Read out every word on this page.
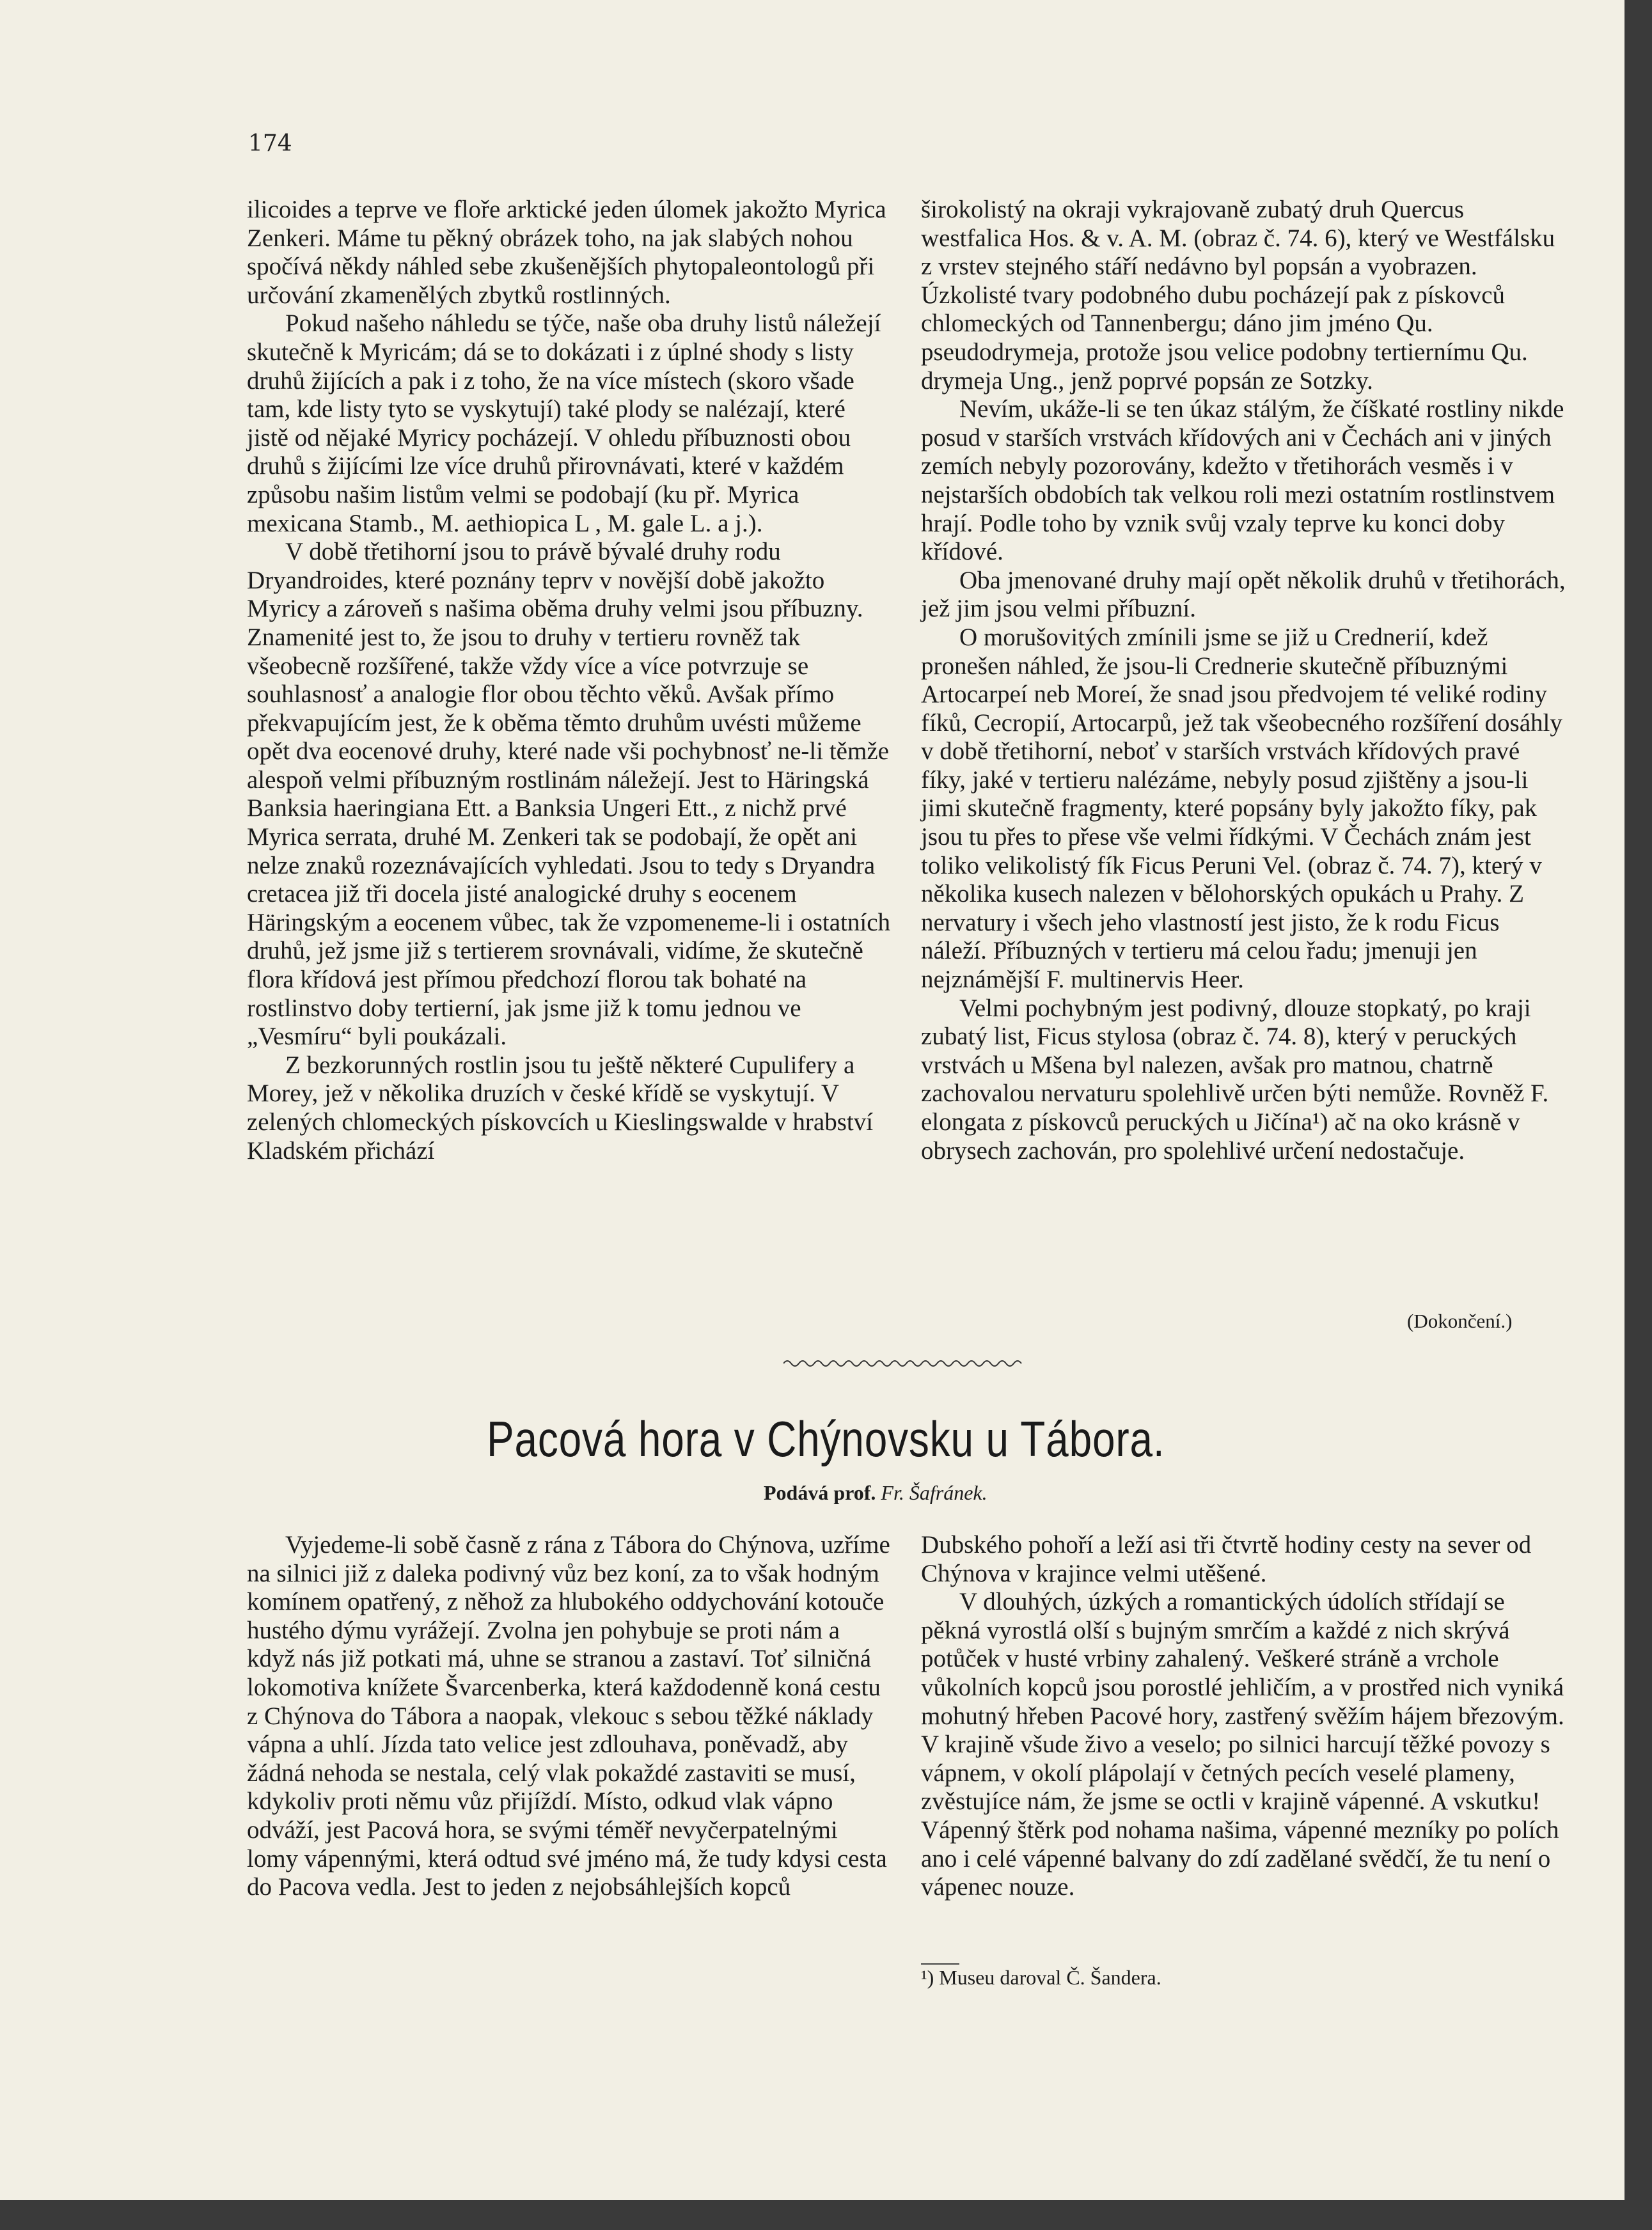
174

ilicoides a teprve ve floře arktické jeden úlomek jakožto Myrica Zenkeri. Máme tu pěkný obrázek toho, na jak slabých nohou spočívá někdy náhled sebe zkušenějších phytopaleontologů při určování zkamenělých zbytků rostlinných.

Pokud našeho náhledu se týče, naše oba druhy listů náležejí skutečně k Myricám; dá se to dokázati i z úplné shody s listy druhů žijících a pak i z toho, že na více místech (skoro všade tam, kde listy tyto se vyskytují) také plody se nalézají, které jistě od nějaké Myricy pocházejí. V ohledu příbuznosti obou druhů s žijícími lze více druhů přirovnávati, které v každém způsobu našim listům velmi se podobají (ku př. Myrica mexicana Stamb., M. aethiopica L , M. gale L. a j.).

V době třetihorní jsou to právě bývalé druhy rodu Dryandroides, které poznány teprv v novější době jakožto Myricy a zároveň s našima oběma druhy velmi jsou příbuzny. Znamenité jest to, že jsou to druhy v tertieru rovněž tak všeobecně rozšířené, takže vždy více a více potvrzuje se souhlasnosť a analogie flor obou těchto věků. Avšak přímo překvapujícím jest, že k oběma těmto druhům uvésti můžeme opět dva eocenové druhy, které nade vši pochybnosť ne-li těmže alespoň velmi příbuzným rostlinám náležejí. Jest to Häringská Banksia haeringiana Ett. a Banksia Ungeri Ett., z nichž prvé Myrica serrata, druhé M. Zenkeri tak se podobají, že opět ani nelze znaků rozeznávajících vyhledati. Jsou to tedy s Dryandra cretacea již tři docela jisté analogické druhy s eocenem Häringským a eocenem vůbec, tak že vzpomeneme-li i ostatních druhů, jež jsme již s tertierem srovnávali, vidíme, že skutečně flora křídová jest přímou předchozí florou tak bohaté na rostlinstvo doby tertierní, jak jsme již k tomu jednou ve „Vesmíru“ byli poukázali.

Z bezkorunných rostlin jsou tu ještě některé Cupulifery a Morey, jež v několika druzích v české křídě se vyskytují. V zelených chlomeckých pískovcích u Kieslingswalde v hrabství Kladském přichází

širokolistý na okraji vykrajovaně zubatý druh Quercus westfalica Hos. & v. A. M. (obraz č. 74. 6), který ve Westfálsku z vrstev stejného stáří nedávno byl popsán a vyobrazen. Úzkolisté tvary podobného dubu pocházejí pak z pískovců chlomeckých od Tannenbergu; dáno jim jméno Qu. pseudodrymeja, protože jsou velice podobny tertiernímu Qu. drymeja Ung., jenž poprvé popsán ze Sotzky.

Nevím, ukáže-li se ten úkaz stálým, že číškaté rostliny nikde posud v starších vrstvách křídových ani v Čechách ani v jiných zemích nebyly pozorovány, kdežto v třetihorách vesměs i v nejstarších obdobích tak velkou roli mezi ostatním rostlinstvem hrají. Podle toho by vznik svůj vzaly teprve ku konci doby křídové.

Oba jmenované druhy mají opět několik druhů v třetihorách, jež jim jsou velmi příbuzní.

O morušovitých zmínili jsme se již u Crednerií, kdež pronešen náhled, že jsou-li Crednerie skutečně příbuznými Artocarpeí neb Moreí, že snad jsou předvojem té veliké rodiny fíků, Cecropií, Artocarpů, jež tak všeobecného rozšíření dosáhly v době třetihorní, neboť v starších vrstvách křídových pravé fíky, jaké v tertieru nalézáme, nebyly posud zjištěny a jsou-li jimi skutečně fragmenty, které popsány byly jakožto fíky, pak jsou tu přes to přese vše velmi řídkými. V Čechách znám jest toliko velikolistý fík Ficus Peruni Vel. (obraz č. 74. 7), který v několika kusech nalezen v bělohorských opukách u Prahy. Z nervatury i všech jeho vlastností jest jisto, že k rodu Ficus náleží. Příbuzných v tertieru má celou řadu; jmenuji jen nejznámější F. multinervis Heer.

Velmi pochybným jest podivný, dlouze stopkatý, po kraji zubatý list, Ficus stylosa (obraz č. 74. 8), který v peruckých vrstvách u Mšena byl nalezen, avšak pro matnou, chatrně zachovalou nervaturu spolehlivě určen býti nemůže. Rovněž F. elongata z pískovců peruckých u Jičína¹) ač na oko krásně v obrysech zachován, pro spolehlivé určení nedostačuje.

(Dokončení.)
Pacová hora v Chýnovsku u Tábora.
Podává prof. Fr. Šafránek.

Vyjedeme-li sobě časně z rána z Tábora do Chýnova, uzříme na silnici již z daleka podivný vůz bez koní, za to však hodným komínem opatřený, z něhož za hlubokého oddychování kotouče hustého dýmu vyrážejí. Zvolna jen pohybuje se proti nám a když nás již potkati má, uhne se stranou a zastaví. Toť silničná lokomotiva knížete Švarcenberka, která každodenně koná cestu z Chýnova do Tábora a naopak, vlekouc s sebou těžké náklady vápna a uhlí. Jízda tato velice jest zdlouhava, poněvadž, aby žádná nehoda se nestala, celý vlak pokaždé zastaviti se musí, kdykoliv proti němu vůz přijíždí. Místo, odkud vlak vápno odváží, jest Pacová hora, se svými téměř nevyčerpatelnými lomy vápennými, která odtud své jméno má, že tudy kdysi cesta do Pacova vedla. Jest to jeden z nejobsáhlejších kopců

Dubského pohoří a leží asi tři čtvrtě hodiny cesty na sever od Chýnova v krajince velmi utěšené.

V dlouhých, úzkých a romantických údolích střídají se pěkná vyrostlá olší s bujným smrčím a každé z nich skrývá potůček v husté vrbiny zahalený. Veškeré stráně a vrchole vůkolních kopců jsou porostlé jehličím, a v prostřed nich vyniká mohutný hřeben Pacové hory, zastřený svěžím hájem březovým. V krajině všude živo a veselo; po silnici harcují těžké povozy s vápnem, v okolí plápolají v četných pecích veselé plameny, zvěstujíce nám, že jsme se octli v krajině vápenné. A vskutku! Vápenný štěrk pod nohama našima, vápenné mezníky po polích ano i celé vápenné balvany do zdí zadělané svědčí, že tu není o vápenec nouze.

¹) Museu daroval Č. Šandera.
